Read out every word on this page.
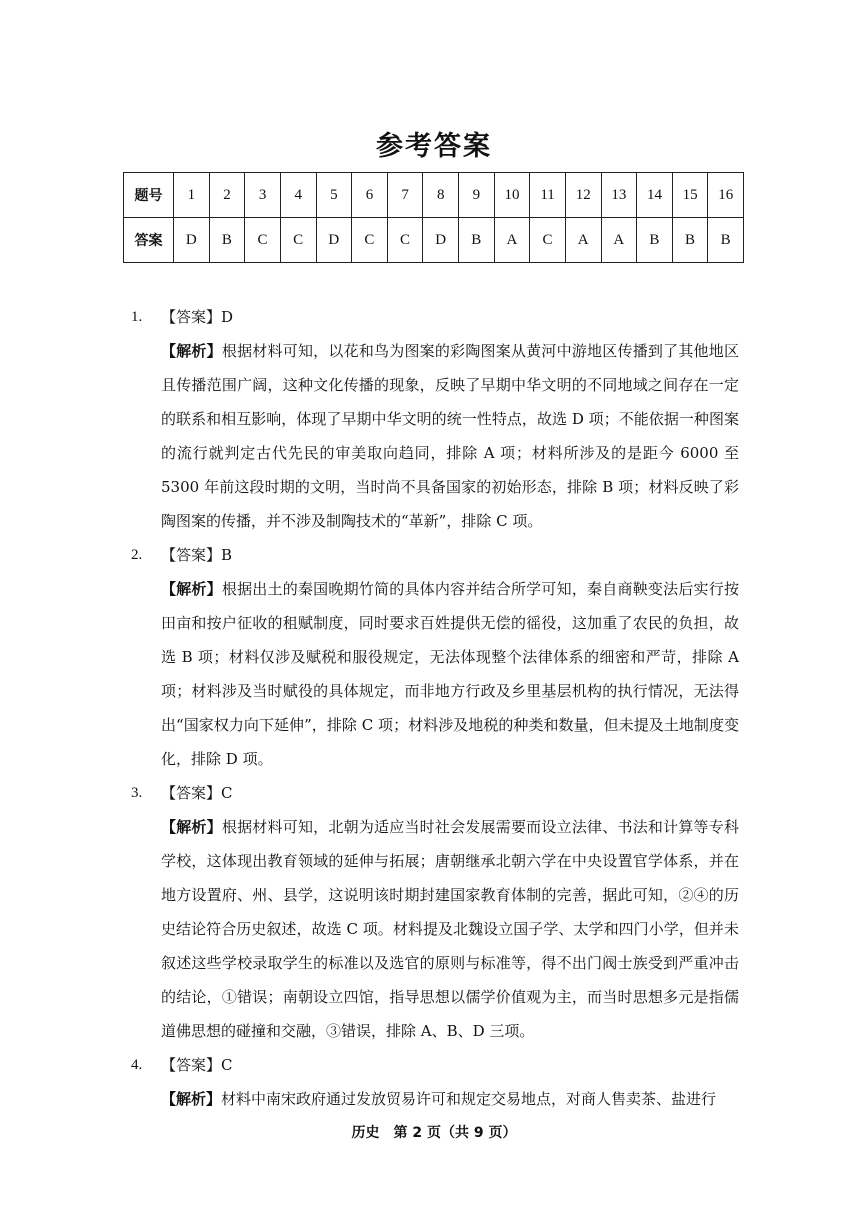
参考答案
题号	1	2	3	4	5	6	7	8	9	10	11	12	13	14	15	16
答案	D	B	C	C	D	C	C	D	B	A	C	A	A	B	B	B
1.	【答案】D
【解析】根据材料可知，以花和鸟为图案的彩陶图案从黄河中游地区传播到了其他地区且传播范围广阔，这种文化传播的现象，反映了早期中华文明的不同地域之间存在一定的联系和相互影响，体现了早期中华文明的统一性特点，故选 D 项；不能依据一种图案的流行就判定古代先民的审美取向趋同，排除 A 项；材料所涉及的是距今 6000 至 5300 年前这段时期的文明，当时尚不具备国家的初始形态，排除 B 项；材料反映了彩陶图案的传播，并不涉及制陶技术的“革新”，排除 C 项。
2.	【答案】B
【解析】根据出土的秦国晚期竹简的具体内容并结合所学可知，秦自商鞅变法后实行按田亩和按户征收的租赋制度，同时要求百姓提供无偿的徭役，这加重了农民的负担，故选 B 项；材料仅涉及赋税和服役规定，无法体现整个法律体系的细密和严苛，排除 A 项；材料涉及当时赋役的具体规定，而非地方行政及乡里基层机构的执行情况，无法得出“国家权力向下延伸”，排除 C 项；材料涉及地税的种类和数量，但未提及土地制度变化，排除 D 项。
3.	【答案】C
【解析】根据材料可知，北朝为适应当时社会发展需要而设立法律、书法和计算等专科学校，这体现出教育领域的延伸与拓展；唐朝继承北朝六学在中央设置官学体系，并在地方设置府、州、县学，这说明该时期封建国家教育体制的完善，据此可知，②④的历史结论符合历史叙述，故选 C 项。材料提及北魏设立国子学、太学和四门小学，但并未叙述这些学校录取学生的标准以及选官的原则与标准等，得不出门阀士族受到严重冲击的结论，①错误；南朝设立四馆，指导思想以儒学价值观为主，而当时思想多元是指儒道佛思想的碰撞和交融，③错误，排除 A、B、D 三项。
4.	【答案】C
【解析】材料中南宋政府通过发放贸易许可和规定交易地点，对商人售卖茶、盐进行
历史　第 2 页（共 9 页）
